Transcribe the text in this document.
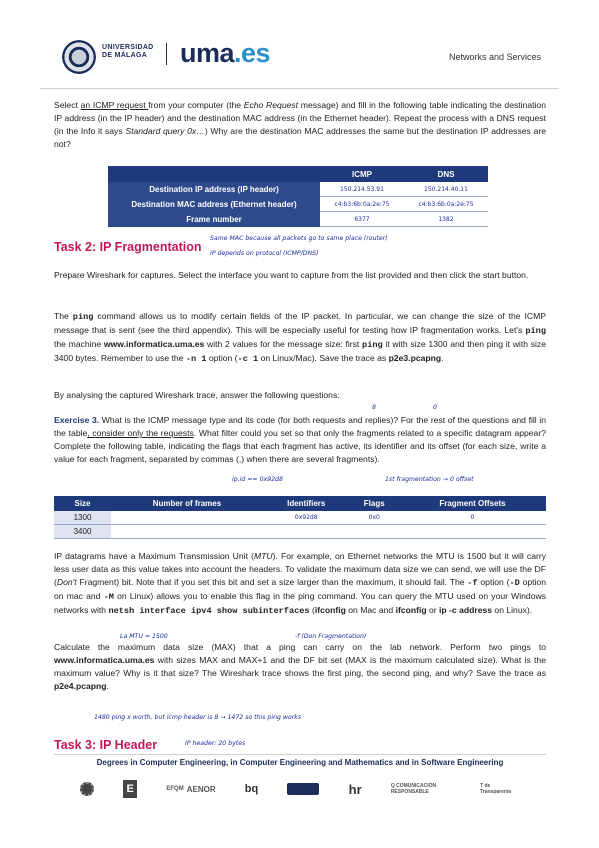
UNIVERSIDAD
DE MÁLAGA uma.es	Networks and Services
Select an ICMP request from your computer (the Echo Request message) and fill in the following table indicating the destination IP address (in the IP header) and the destination MAC address (in the Ethernet header). Repeat the process with a DNS request (in the Info it says Standard query 0x…) Why are the destination MAC addresses the same but the destination IP addresses are not?
	ICMP	DNS
Destination IP address (IP header)	150.214.53.91	150.214.40.11
Destination MAC address (Ethernet header)	c4:b3:6b:0a:2e:75	c4:b3:6b:0a:2e:75
Frame number	6377	1382
Task 2: IP Fragmentation
Same MAC because all packets go to same place (router)
IP depends on protocol (ICMP/DNS)
Prepare Wireshark for captures. Select the interface you want to capture from the list provided and then click the start button.
The ping command allows us to modify certain fields of the IP packet. In particular, we can change the size of the ICMP message that is sent (see the third appendix). This will be especially useful for testing how IP fragmentation works. Let's ping the machine www.informatica.uma.es with 2 values for the message size: first ping it with size 1300 and then ping it with size 3400 bytes. Remember to use the -n 1 option (-c 1 on Linux/Mac). Save the trace as p2e3.pcapng.
By analysing the captured Wireshark trace, answer the following questions:
8	0
Exercise 3. What is the ICMP message type and its code (for both requests and replies)? For the rest of the questions and fill in the table, consider only the requests. What filter could you set so that only the fragments related to a specific datagram appear? Complete the following table, indicating the flags that each fragment has active, its identifier and its offset (for each size, write a value for each fragment, separated by commas (,) when there are several fragments).
ip.id == 0x92d8	1st fragmentation → 0 offset
Size	Number of frames	Identifiers	Flags	Fragment Offsets
1300		0x92d8	0x0	0
3400				
IP datagrams have a Maximum Transmission Unit (MTU). For example, on Ethernet networks the MTU is 1500 but it will carry less user data as this value takes into account the headers. To validate the maximum data size we can send, we will use the DF (Don't Fragment) bit. Note that if you set this bit and set a size larger than the maximum, it should fail. The -f option (-D option on mac and -M on Linux) allows you to enable this flag in the ping command. You can query the MTU used on your Windows networks with netsh interface ipv4 show subinterfaces (ifconfig on Mac and ifconfig or ip -c address on Linux).
La MTU = 1500	-f (Don Fragmentation)
Calculate the maximum data size (MAX) that a ping can carry on the lab network. Perform two pings to www.informatica.uma.es with sizes MAX and MAX+1 and the DF bit set (MAX is the maximum calculated size). What is the maximum value? Why is it that size? The Wireshark trace shows the first ping, the second ping, and why? Save the trace as p2e4.pcapng.
1480 ping x worth, but icmp header is 8 → 1472 so this ping works
Task 3: IP Header	IP header: 20 bytes
Degrees in Computer Engineering, in Computer Engineering and Mathematics and in Software Engineering
E	EFQM AENOR	bq	hr	Q COMUNICACIÓN RESPONSABLE
T de Transparente
